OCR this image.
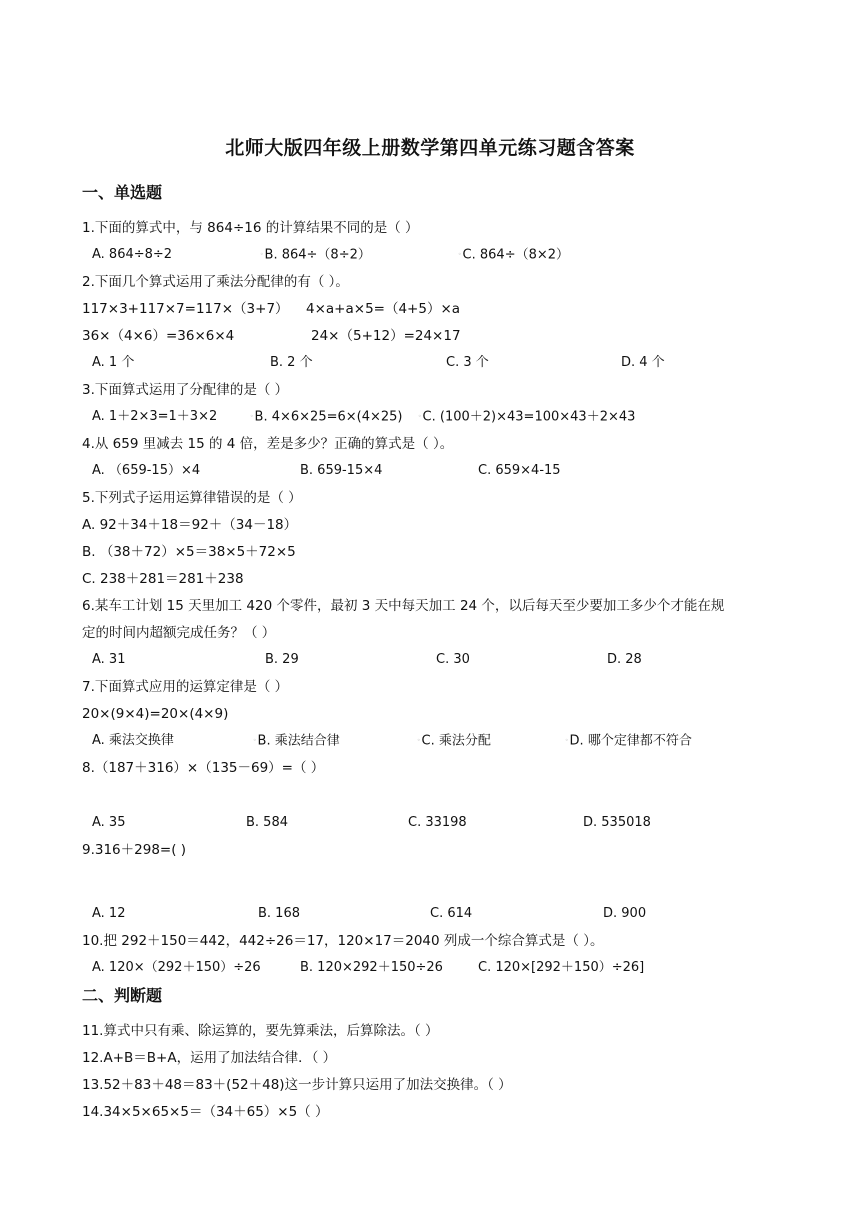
北师大版四年级上册数学第四单元练习题含答案
一、单选题
1.下面的算式中，与 864÷16 的计算结果不同的是（ ）
A. 864÷8÷2	◦B. 864÷（8÷2）	◦C. 864÷（8×2）
2.下面几个算式运用了乘法分配律的有（ ）。
117×3+117×7=117×（3+7） 4×a+a×5=（4+5）×a
36×（4×6）=36×6×4	24×（5+12）=24×17
A. 1 个	B. 2 个	C. 3 个	D. 4 个
3.下面算式运用了分配律的是（ ）
A. 1＋2×3=1＋3×2	◦B. 4×6×25=6×(4×25)	◦C. (100＋2)×43=100×43＋2×43
4.从 659 里减去 15 的 4 倍，差是多少？正确的算式是（ ）。
A. （659-15）×4	B. 659-15×4	C. 659×4-15
5.下列式子运用运算律错误的是（ ）
A. 92＋34＋18＝92＋（34－18）
B. （38＋72）×5＝38×5＋72×5
C. 238＋281＝281＋238
6.某车工计划 15 天里加工 420 个零件，最初 3 天中每天加工 24 个，以后每天至少要加工多少个才能在规
定的时间内超额完成任务？（ ）
A. 31	B. 29	C. 30	D. 28
7.下面算式应用的运算定律是（ ）
20×(9×4)=20×(4×9)
A. 乘法交换律	◦B. 乘法结合律	◦C. 乘法分配	◦D. 哪个定律都不符合
8.（187＋316）×（135－69）=（ ）
A. 35	B. 584	C. 33198	D. 535018
9.316＋298=( )
A. 12	B. 168	C. 614	D. 900
10.把 292＋150＝442，442÷26＝17，120×17＝2040 列成一个综合算式是（ ）。
A. 120×（292＋150）÷26	B. 120×292＋150÷26	C. 120×[292＋150）÷26]
二、判断题
11.算式中只有乘、除运算的，要先算乘法，后算除法。（ ）
12.A+B＝B+A，运用了加法结合律．（ ）
13.52＋83＋48＝83＋(52＋48)这一步计算只运用了加法交换律。（ ）
14.34×5×65×5＝（34＋65）×5（ ）
